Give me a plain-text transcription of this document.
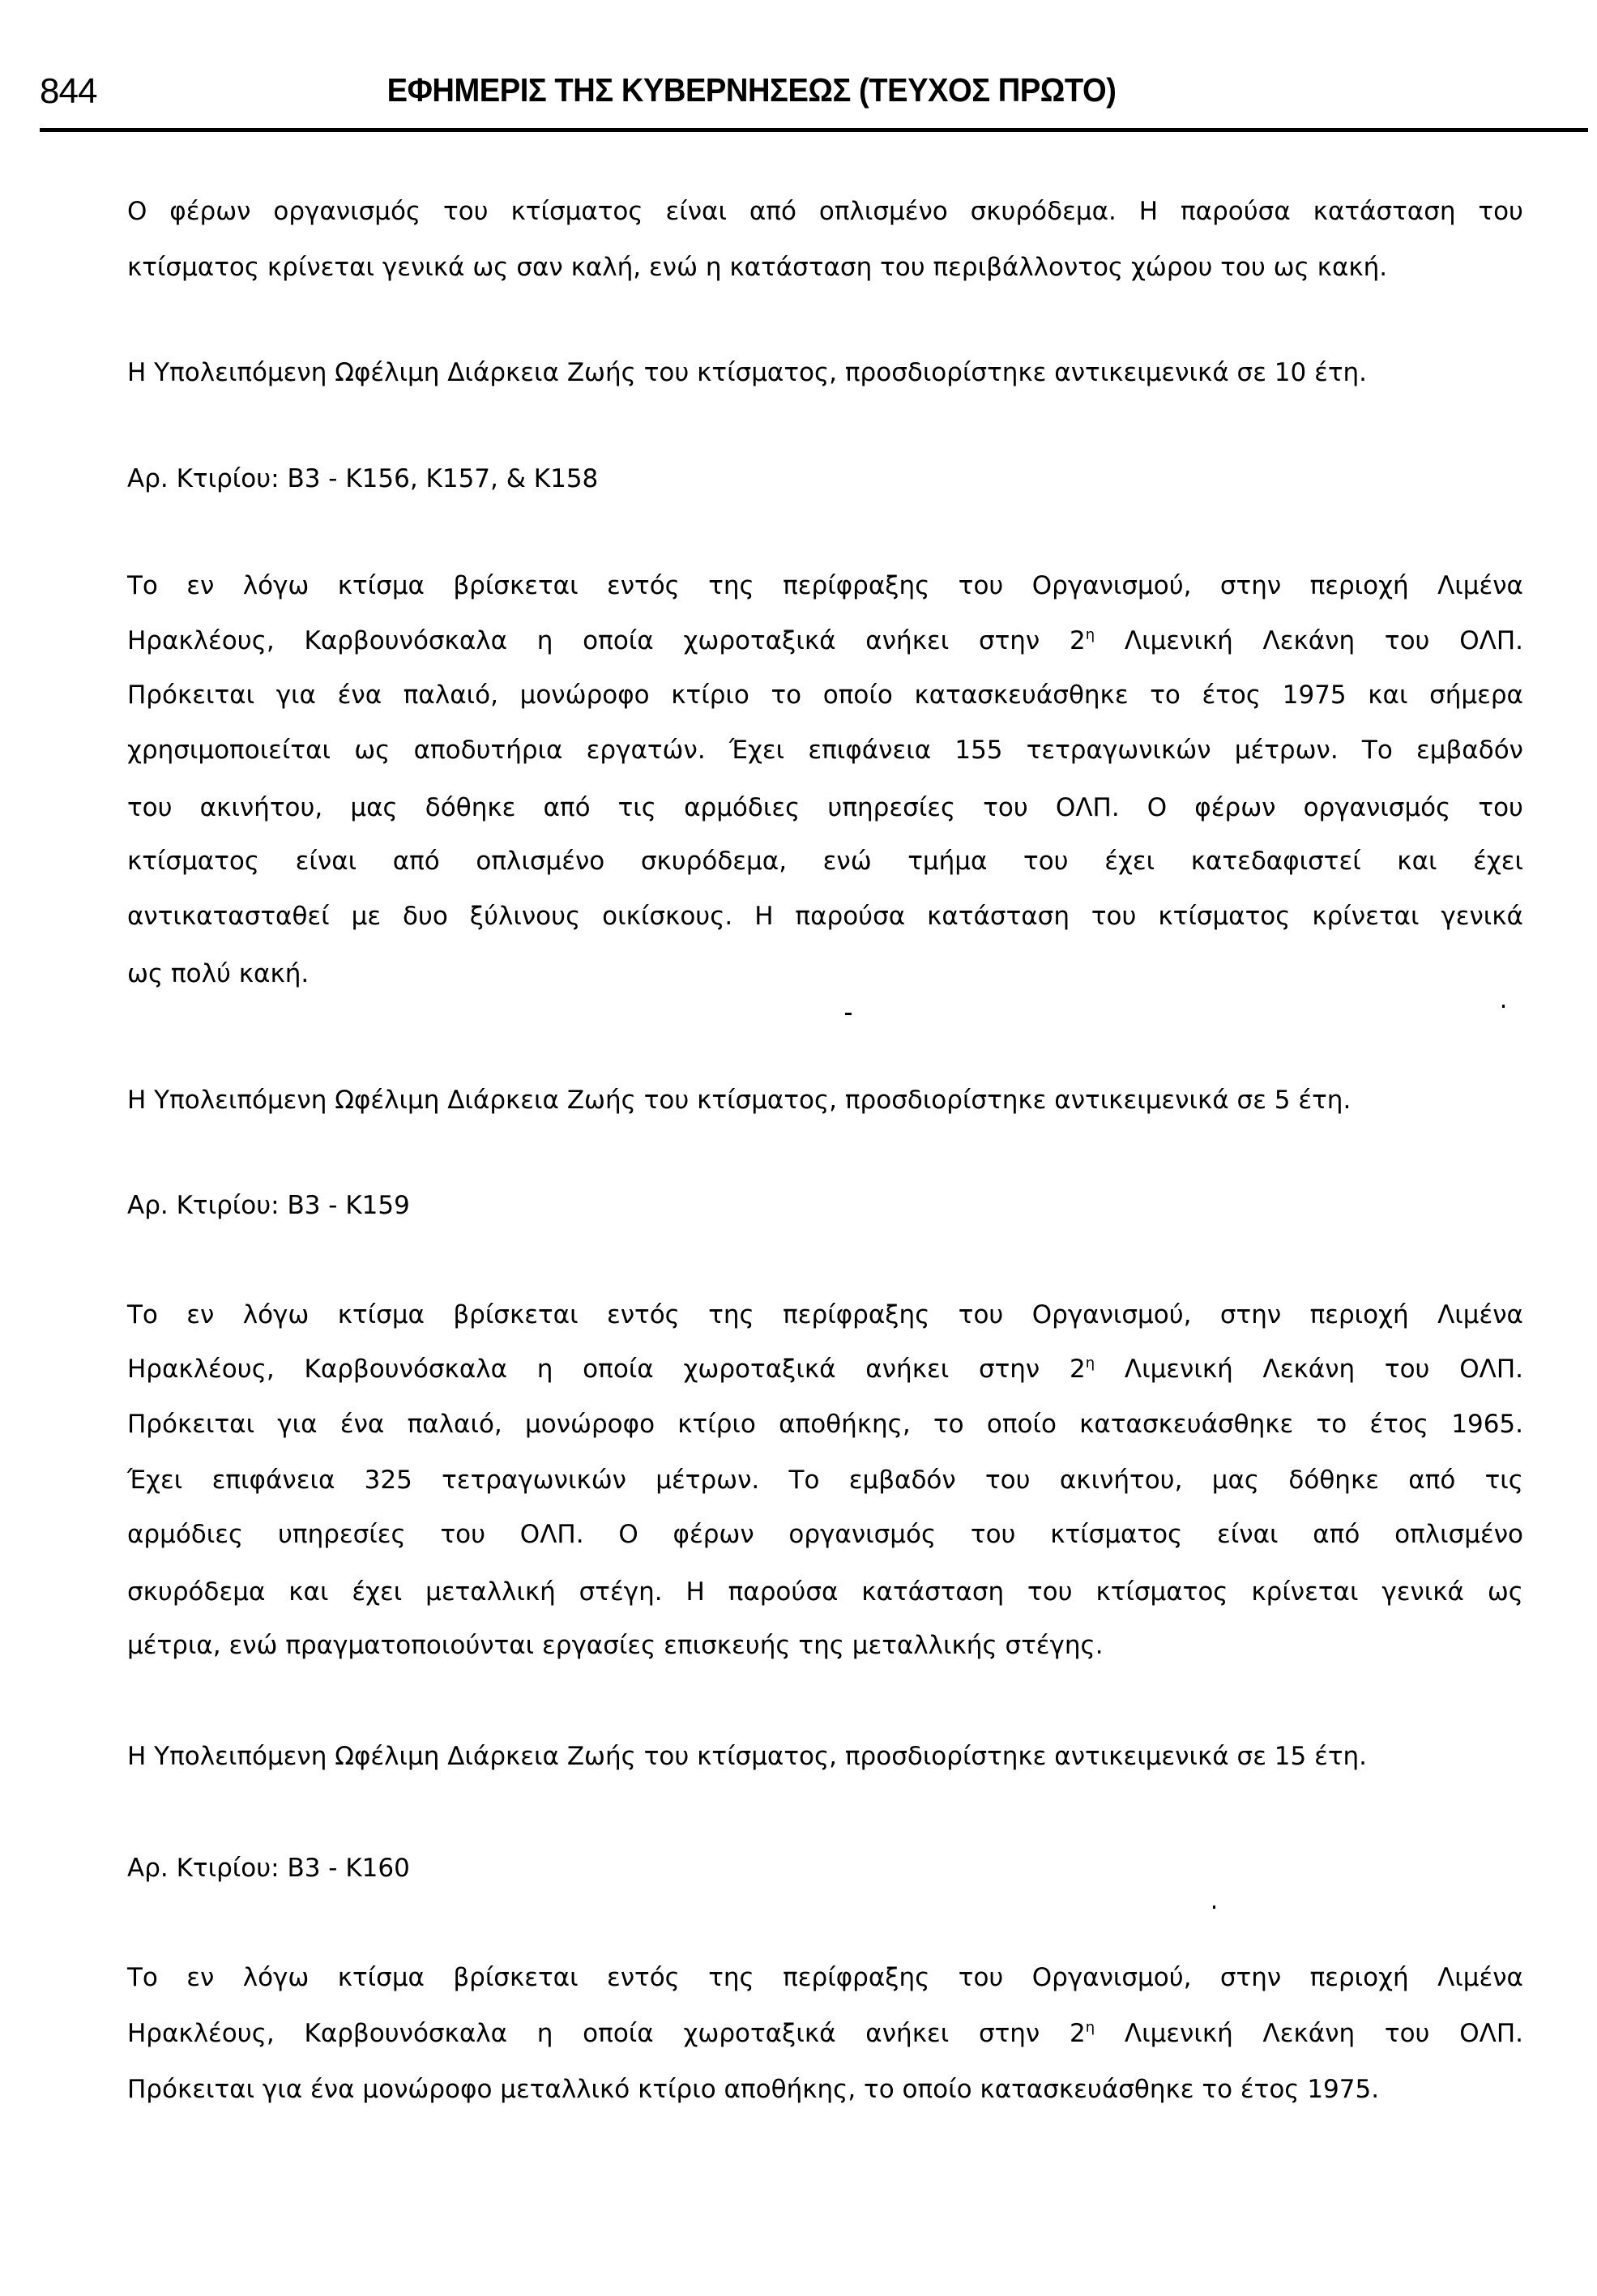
844	ΕΦΗΜΕΡΙΣ ΤΗΣ ΚΥΒΕΡΝΗΣΕΩΣ (ΤΕΥΧΟΣ ΠΡΩΤΟ)
Ο φέρων οργανισμός του κτίσματος είναι από οπλισμένο σκυρόδεμα. Η παρούσα κατάσταση του
κτίσματος κρίνεται γενικά ως σαν καλή, ενώ η κατάσταση του περιβάλλοντος χώρου του ως κακή.
Η Υπολειπόμενη Ωφέλιμη Διάρκεια Ζωής του κτίσματος, προσδιορίστηκε αντικειμενικά σε 10 έτη.
Αρ. Κτιρίου: Β3 - Κ156, Κ157, & Κ158
Το εν λόγω κτίσμα βρίσκεται εντός της περίφραξης του Οργανισμού, στην περιοχή Λιμένα
Ηρακλέους, Καρβουνόσκαλα η οποία χωροταξικά ανήκει στην $2^\eta$ Λιμενική Λεκάνη του ΟΛΠ.
Πρόκειται για ένα παλαιό, μονώροφο κτίριο το οποίο κατασκευάσθηκε το έτος 1975 και σήμερα
χρησιμοποιείται ως αποδυτήρια εργατών. Έχει επιφάνεια 155 τετραγωνικών μέτρων. Το εμβαδόν
του ακινήτου, μας δόθηκε από τις αρμόδιες υπηρεσίες του ΟΛΠ. Ο φέρων οργανισμός του
κτίσματος είναι από οπλισμένο σκυρόδεμα, ενώ τμήμα του έχει κατεδαφιστεί και έχει
αντικατασταθεί με δυο ξύλινους οικίσκους. Η παρούσα κατάσταση του κτίσματος κρίνεται γενικά
ως πολύ κακή.
Η Υπολειπόμενη Ωφέλιμη Διάρκεια Ζωής του κτίσματος, προσδιορίστηκε αντικειμενικά σε 5 έτη.
Αρ. Κτιρίου: Β3 - Κ159
Το εν λόγω κτίσμα βρίσκεται εντός της περίφραξης του Οργανισμού, στην περιοχή Λιμένα
Ηρακλέους, Καρβουνόσκαλα η οποία χωροταξικά ανήκει στην $2^\eta$ Λιμενική Λεκάνη του ΟΛΠ.
Πρόκειται για ένα παλαιό, μονώροφο κτίριο αποθήκης, το οποίο κατασκευάσθηκε το έτος 1965.
Έχει επιφάνεια 325 τετραγωνικών μέτρων. Το εμβαδόν του ακινήτου, μας δόθηκε από τις
αρμόδιες υπηρεσίες του ΟΛΠ. Ο φέρων οργανισμός του κτίσματος είναι από οπλισμένο
σκυρόδεμα και έχει μεταλλική στέγη. Η παρούσα κατάσταση του κτίσματος κρίνεται γενικά ως
μέτρια, ενώ πραγματοποιούνται εργασίες επισκευής της μεταλλικής στέγης.
Η Υπολειπόμενη Ωφέλιμη Διάρκεια Ζωής του κτίσματος, προσδιορίστηκε αντικειμενικά σε 15 έτη.
Αρ. Κτιρίου: Β3 - Κ160
Το εν λόγω κτίσμα βρίσκεται εντός της περίφραξης του Οργανισμού, στην περιοχή Λιμένα
Ηρακλέους, Καρβουνόσκαλα η οποία χωροταξικά ανήκει στην $2^\eta$ Λιμενική Λεκάνη του ΟΛΠ.
Πρόκειται για ένα μονώροφο μεταλλικό κτίριο αποθήκης, το οποίο κατασκευάσθηκε το έτος 1975.
